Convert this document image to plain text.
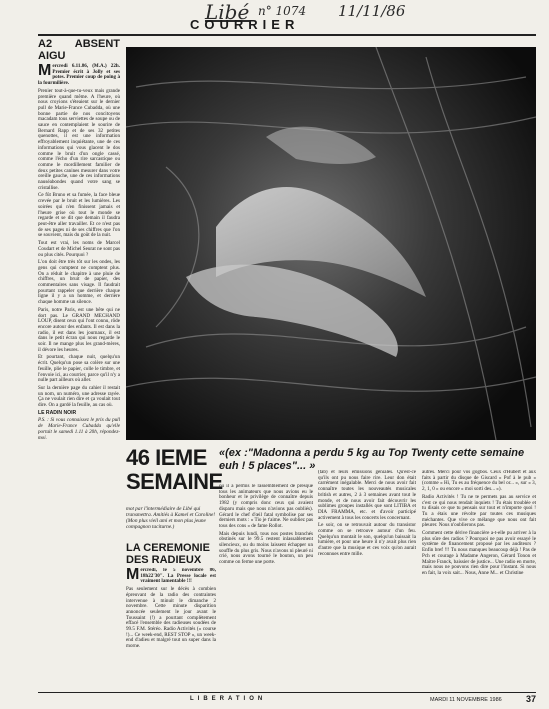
Libé n° 1074 11/11/86
COURRIER
A2 ABSENT AIGU

M ercredi 6.11.86, (M.A.) 22h. Premier écrit à Jolly et ses potes. Premier coup de poing à la fourmilière.

Prenier tout-à-que-tu-veux mais grande première quand même. A l'heure, où nous croyions s'éteaient sur le dernier pull de Marie-France Cubadda, où une bonne partie de nos concitoyens macadam tous serviettes de soupe ou de sauce en contemplaient le sourire de Bernard Rapp et de ses 32 petites quenottes, il est une information effroyablement inquiétante, une de ces informations qui vous glacent le dos comme le bruit d'un ongle cassé, comme l'écho d'un rire sarcastique ou comme le mordillement familier de deux petites canines mesurer dans votre oreille gauche, une de ces informations nauséabondes quand votre sang se cristallise.

Ce fût Bruno et sa fumée, la face bleue crevée par le bruit et les lumières. Les soirées qui n'en finissent jamais et l'heure grise où tout le monde se regarde et se dit que demain il faudra peut-être aller travailler. Et ce n'est pas de ses pages ni de ses chiffres que l'on se souvient, mais du goût de la nuit.

Tout est vrai, les noms de Marcel Coudart et de Michel Seurat ne sont pas ou plus cités. Pourquoi ?

L'on doit être très tôt sur les ondes, les gens qui comptent ne comptent plus. On a réduit le chapitre à une pluie de chiffres, un bruit de papier, des commentaires sans visage. Il faudrait pourtant rappeler que derrière chaque ligne il y a un homme, et derrière chaque homme un silence.

Paris, notre Paris, est une bête qui ne dort pas. Le GRAND MECHAND LOUP, disent ceux qui l'ont connu, rôde encore autour des enfants. Il est dans la radio, il est dans les journaux, il est dans le petit écran qui nous regarde le soir. Il ne mange plus les grand-mères, il dévore les heures.

Et pourtant, chaque nuit, quelqu'un écrit. Quelqu'un pose sa colère sur une feuille, plie le papier, colle le timbre, et l'envoie ici, au courrier, parce qu'il n'y a nulle part ailleurs où aller.

Sur la dernière page du cahier il restait un nom, un numéro, une adresse rayée. Ça ne voulait rien dire et ça voulait tout dire. On a gardé la feuille, au cas où.

LE RADIN NOIR

P.S. : Si vous connaissez le prix du pull de Marie-France Cubadda qu'elle portait le samedi 1.11 à 20h, répondez-moi.

46 IEME SEMAINE
mot par l'intermédiaire de Libé qui transmettra. Amitiés à Kamel et Caroline! (Mon plus vieil ami et mon plus jeune compagnon taciturne.)
LA CEREMONIE DES RADIEUX

M ercredi, le 5 novembre 86, 18h22'30". La Presse locale est vraiment lamentable !!!

Pas seulement sur le décès à combien épreuvant de la radio des contraintes intervenue à minuit le dimanche 2 novembre. Cette minute disparition annoncée seulement le jour avant le Toussaint (!) a pourtant complètement effacé l'ensemble des radieuses soudées de 99.5 F.M. Stéréo. Radio Activités (« course !)... Ce week-end, REST STOP », un week-end d'adieu et malgré tout un super dans la morne.

«(ex :"Madonna a perdu 5 kg au Top Twenty cette semaine euh ! 5 places"... »

où il a permis le rassemblement de presque tous les animateurs que nous avions eu le bonheur et le privilège de connaître depuis 1982 (y compris donc ceux qui avaient disparu mais que nous n'avions pas oubliés). Gérard le chef d'œil fatal symbolise par ses derniers mots : « Tio je t'aime. Ne oubliez pas tous des cons » de fame Rollot.

Mais depuis lundi, tous nos postes branchés obstinés sur le 99.5 restent inlassablement silencieux, ou du moins laissent échapper un souffle du plus gris. Nous n'avons ni pleuré ni crié, nous avons tourné le bouton, un peu comme on ferme une porte.

(tab) et leurs émissions géniales. Qu'est-ce qu'ils ont pu nous faire rire. Leur don était carrément inégalable. Merci de nous avoir fait connaître toutes les nouveautés musicales british et autres, 2 à 3 semaines avant tout le monde, et de nous avoir fait découvrir les sublimes groupes installés que sont LITIBA et DIA FRAMMA, etc. et d'avoir participé activement à tous les concerts les concernant.

Le soir, on se retrouvait autour du transistor comme on se retrouve autour d'un feu. Quelqu'un montait le son, quelqu'un baissait la lumière, et pour une heure il n'y avait plus rien d'autre que la musique et ces voix qu'on aurait reconnues entre mille.

autres. Merci pour vos gogbos. Ceux d'Hubert et aux faits à partir du disque de Giscard « Pof à le pub » (comme « Hi, Tu es au fréquence du bel or... », sur « 3, 2, 1, 0 » ou encore « moi sorti des... »).

Radio Activités ! Tu ne te permets pas au service et c'est ce qui nous rendait inquiets ! Tu étais troublée et tu disais ce que tu pensais sur tout et n'importe quoi ! Tu a étais une révolte par toutes ces musiques méchantes. Que vive ce mélange que nous ont fait pleurer. Nous n'oublierons pas.

Comment cette dérive financière a-t-elle pu arriver à la plus sûre des radios ? Pourquoi ne pas avoir essayé le système de financement proposé par les auditeurs ? Enfin bref !!! Tu nous manques beaucoup déjà ! Pas de Pch et courage à Madame Angeron, Gérard Tonon et Maître Franck, baissier de justice... Une radio en morte, mais nous ne pouvons rien dire pour l'instant. Si nous en fait, la voix sait... Nous, Anne M... et Christine

LIBERATION	MARDI 11 NOVEMBRE 1986	37
